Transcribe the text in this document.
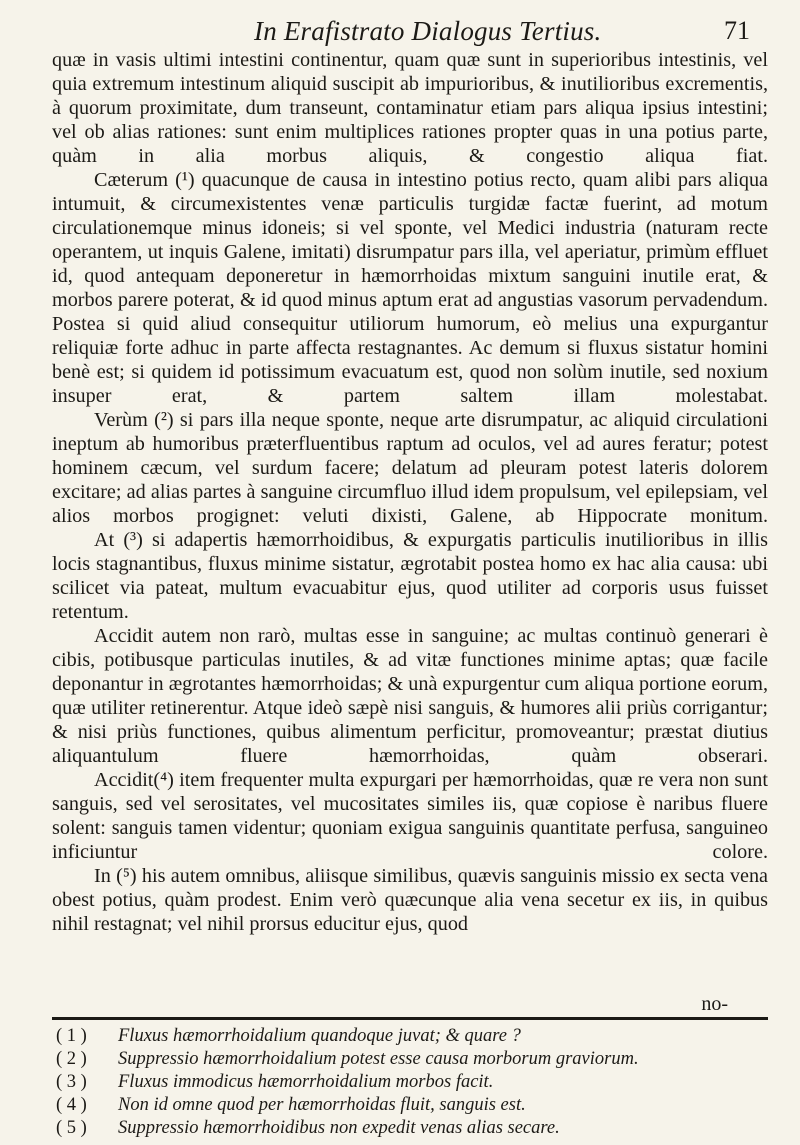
In Erafistrato Dialogus Tertius.	71

quæ in vasis ultimi intestini continentur, quam quæ sunt in superioribus intestinis, vel quia extremum intestinum aliquid suscipit ab impurioribus, & inutilioribus excrementis, à quorum proximitate, dum transeunt, contaminatur etiam pars aliqua ipsius intestini; vel ob alias rationes: sunt enim multiplices rationes propter quas in una potius parte, quàm in alia morbus aliquis, & congestio aliqua fiat.

Cæterum (¹) quacunque de causa in intestino potius recto, quam alibi pars aliqua intumuit, & circumexistentes venæ particulis turgidæ factæ fuerint, ad motum circulationemque minus idoneis; si vel sponte, vel Medici industria (naturam recte operantem, ut inquis Galene, imitati) disrumpatur pars illa, vel aperiatur, primùm effluet id, quod antequam deponeretur in hæmorrhoidas mixtum sanguini inutile erat, & morbos parere poterat, & id quod minus aptum erat ad angustias vasorum pervadendum. Postea si quid aliud consequitur utiliorum humorum, eò melius una expurgantur reliquiæ forte adhuc in parte affecta restagnantes. Ac demum si fluxus sistatur homini benè est; si quidem id potissimum evacuatum est, quod non solùm inutile, sed noxium insuper erat, & partem saltem illam molestabat.

Verùm (²) si pars illa neque sponte, neque arte disrumpatur, ac aliquid circulationi ineptum ab humoribus præterfluentibus raptum ad oculos, vel ad aures feratur; potest hominem cæcum, vel surdum facere; delatum ad pleuram potest lateris dolorem excitare; ad alias partes à sanguine circumfluo illud idem propulsum, vel epilepsiam, vel alios morbos progignet: veluti dixisti, Galene, ab Hippocrate monitum.

At (³) si adapertis hæmorrhoidibus, & expurgatis particulis inutilioribus in illis locis stagnantibus, fluxus minime sistatur, ægrotabit postea homo ex hac alia causa: ubi scilicet via pateat, multum evacuabitur ejus, quod utiliter ad corporis usus fuisset retentum.

Accidit autem non rarò, multas esse in sanguine; ac multas continuò generari è cibis, potibusque particulas inutiles, & ad vitæ functiones minime aptas; quæ facile deponantur in ægrotantes hæmorrhoidas; & unà expurgentur cum aliqua portione eorum, quæ utiliter retinerentur. Atque ideò sæpè nisi sanguis, & humores alii priùs corrigantur; & nisi priùs functiones, quibus alimentum perficitur, promoveantur; præstat diutius aliquantulum fluere hæmorrhoidas, quàm obserari.

Accidit(⁴) item frequenter multa expurgari per hæmorrhoidas, quæ re vera non sunt sanguis, sed vel serositates, vel mucositates similes iis, quæ copiose è naribus fluere solent: sanguis tamen videntur; quoniam exigua sanguinis quantitate perfusa, sanguineo inficiuntur colore.

In (⁵) his autem omnibus, aliisque similibus, quævis sanguinis missio ex secta vena obest potius, quàm prodest. Enim verò quæcunque alia vena secetur ex iis, in quibus nihil restagnat; vel nihil prorsus educitur ejus, quod

no-
( 1 )	Fluxus hæmorrhoidalium quandoque juvat; & quare ?
( 2 )	Suppressio hæmorrhoidalium potest esse causa morborum graviorum.
( 3 )	Fluxus immodicus hæmorrhoidalium morbos facit.
( 4 )	Non id omne quod per hæmorrhoidas fluit, sanguis est.
( 5 )	Suppressio hæmorrhoidibus non expedit venas alias secare.
